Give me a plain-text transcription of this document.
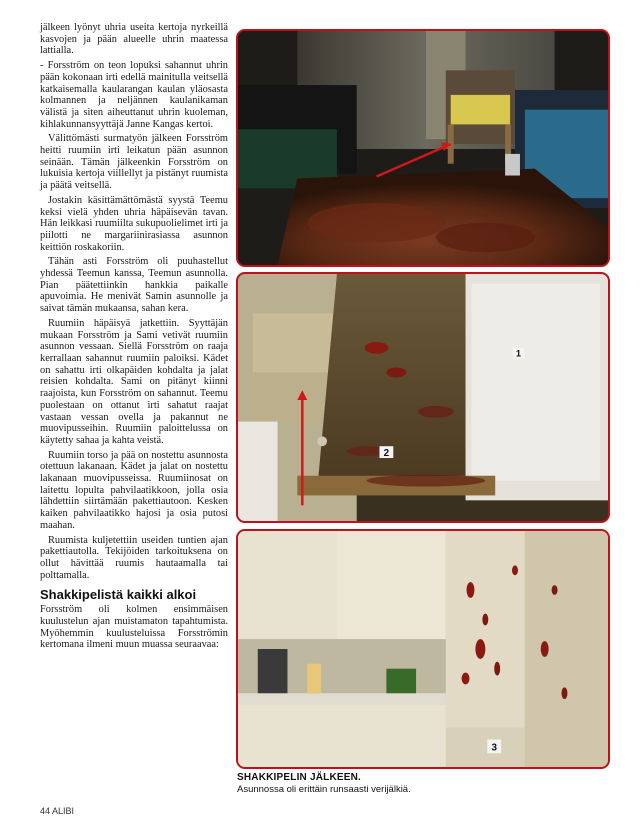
jälkeen lyönyt uhria useita kertoja nyrkeillä kasvojen ja pään alueelle uhrin maatessa lattialla.

- Forsström on teon lopuksi sahannut uhrin pään kokonaan irti edellä mainitulla veitsellä katkaisemalla kaularangan kaulan yläosasta kolmannen ja neljännen kaulanikaman välistä ja siten aiheuttanut uhrin kuoleman, kihlakunnansyyttäjä Janne Kangas kertoi.

Välittömästi surmatyön jälkeen Forsström heitti ruumiin irti leikatun pään asunnon seinään. Tämän jälkeenkin Forsström on lukuisia kertoja viillellyt ja pistänyt ruumista ja päätä veitsellä.

Jostakin käsittämättömästä syystä Teemu keksi vielä yhden uhria häpäisevän tavan. Hän leikkasi ruumiilta sukupuolielimet irti ja piilotti ne margariinirasiassa asunnon keittiön roskakoriin.

Tähän asti Forsström oli puuhastellut yhdessä Teemun kanssa, Teemun asunnolla. Pian päätettiinkin hankkia paikalle apuvoimia. He menivät Samin asunnolle ja saivat tämän mukaansa, sahan kera.

Ruumiin häpäisyä jatkettiin. Syyttäjän mukaan Forsström ja Sami vetivät ruumiin asunnon vessaan. Siellä Forsström on raaja kerrallaan sahannut ruumiin paloiksi. Kädet on sahattu irti olkapäiden kohdalta ja jalat reisien kohdalta. Sami on pitänyt kiinni raajoista, kun Forsström on sahannut. Teemu puolestaan on ottanut irti sahatut raajat vastaan vessan ovella ja pakannut ne muovipusseihin. Ruumiin paloittelussa on käytetty sahaa ja kahta veistä.

Ruumiin torso ja pää on nostettu asunnosta otettuun lakanaan. Kädet ja jalat on nostettu lakanaan muovipusseissa. Ruumiinosat on laitettu lopulta pahvilaatikkoon, jolla osia lähdettiin siirtämään pakettiautoon. Kesken kaiken pahvilaatikko hajosi ja osia putosi maahan.

Ruumista kuljetettiin useiden tuntien ajan pakettiautolla. Tekijöiden tarkoituksena on ollut hävittää ruumis hautaamalla tai polttamalla.

Shakkipelistä kaikki alkoi

Forsström oli kolmen ensimmäisen kuulustelun ajan muistamaton tapahtumista. Myöhemmin kuulusteluissa Forsströmin kertomana ilmeni muun muassa seuraavaa:

2
1
3
SHAKKIPELIN JÄLKEEN.
Asunnossa oli erittäin runsaasti verijälkiä.
44 ALIBI
